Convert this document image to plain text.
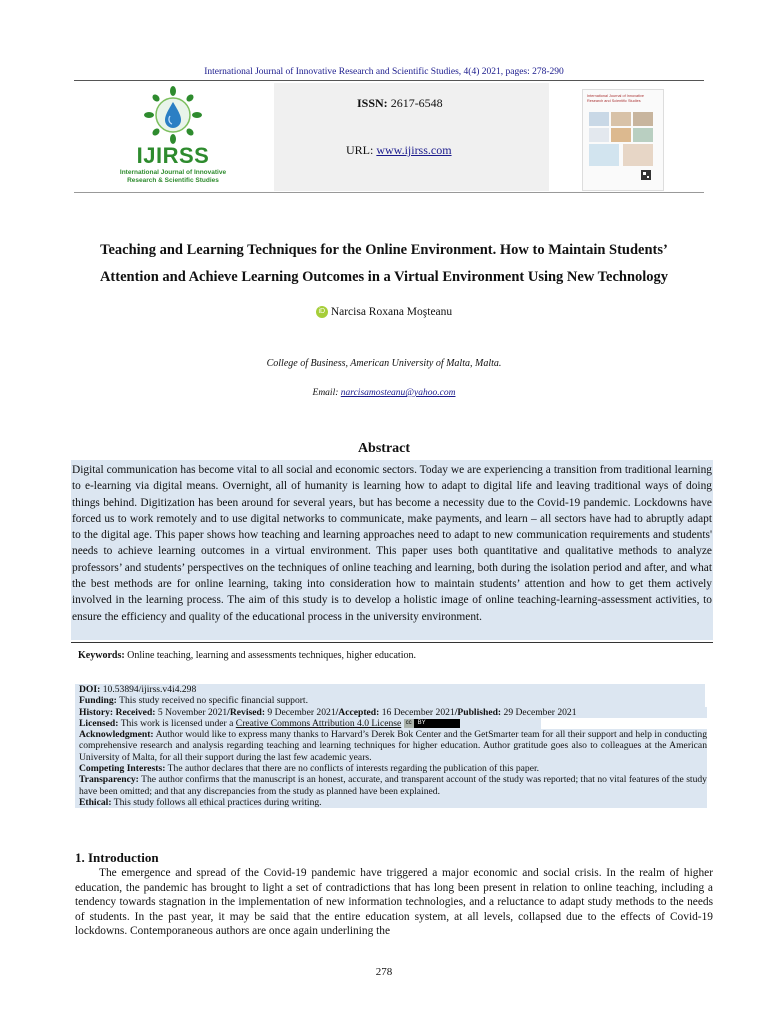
International Journal of Innovative Research and Scientific Studies, 4(4) 2021, pages: 278-290
IJIRSS
International Journal of Innovative
Research & Scientific Studies
ISSN: 2617-6548
URL: www.ijirss.com
International Journal of Innovative Research and Scientific Studies
Teaching and Learning Techniques for the Online Environment. How to Maintain Students’
Attention and Achieve Learning Outcomes in a Virtual Environment Using New Technology
iD Narcisa Roxana Moşteanu
College of Business, American University of Malta, Malta.
Email: narcisamosteanu@yahoo.com
Abstract
Digital communication has become vital to all social and economic sectors. Today we are experiencing a transition from traditional learning to e-learning via digital means. Overnight, all of humanity is learning how to adapt to digital life and leaving traditional ways of doing things behind. Digitization has been around for several years, but has become a necessity due to the Covid-19 pandemic. Lockdowns have forced us to work remotely and to use digital networks to communicate, make payments, and learn – all sectors have had to abruptly adapt to the digital age. This paper shows how teaching and learning approaches need to adapt to new communication requirements and students' needs to achieve learning outcomes in a virtual environment. This paper uses both quantitative and qualitative methods to analyze professors’ and students’ perspectives on the techniques of online teaching and learning, both during the isolation period and after, and what the best methods are for online learning, taking into consideration how to maintain students’ attention and how to get them actively involved in the learning process. The aim of this study is to develop a holistic image of online teaching-learning-assessment activities, to ensure the efficiency and quality of the educational process in the university environment.
Keywords: Online teaching, learning and assessments techniques, higher education.
DOI: 10.53894/ijirss.v4i4.298
Funding: This study received no specific financial support.
History: Received: 5 November 2021/Revised: 9 December 2021/Accepted: 16 December 2021/Published: 29 December 2021
Licensed: This work is licensed under a Creative Commons Attribution 4.0 License cc BY
Acknowledgment: Author would like to express many thanks to Harvard’s Derek Bok Center and the GetSmarter team for all their support and help in conducting comprehensive research and analysis regarding teaching and learning techniques for higher education. Author gratitude goes also to colleagues at the American University of Malta, for all their support during the last few academic years.
Competing Interests: The author declares that there are no conflicts of interests regarding the publication of this paper.
Transparency: The author confirms that the manuscript is an honest, accurate, and transparent account of the study was reported; that no vital features of the study have been omitted; and that any discrepancies from the study as planned have been explained.
Ethical: This study follows all ethical practices during writing.
1. Introduction
The emergence and spread of the Covid-19 pandemic have triggered a major economic and social crisis. In the realm of higher education, the pandemic has brought to light a set of contradictions that has long been present in relation to online teaching, including a tendency towards stagnation in the implementation of new information technologies, and a reluctance to adapt study methods to the needs of students. In the past year, it may be said that the entire education system, at all levels, collapsed due to the effects of Covid-19 lockdowns. Contemporaneous authors are once again underlining the
278
